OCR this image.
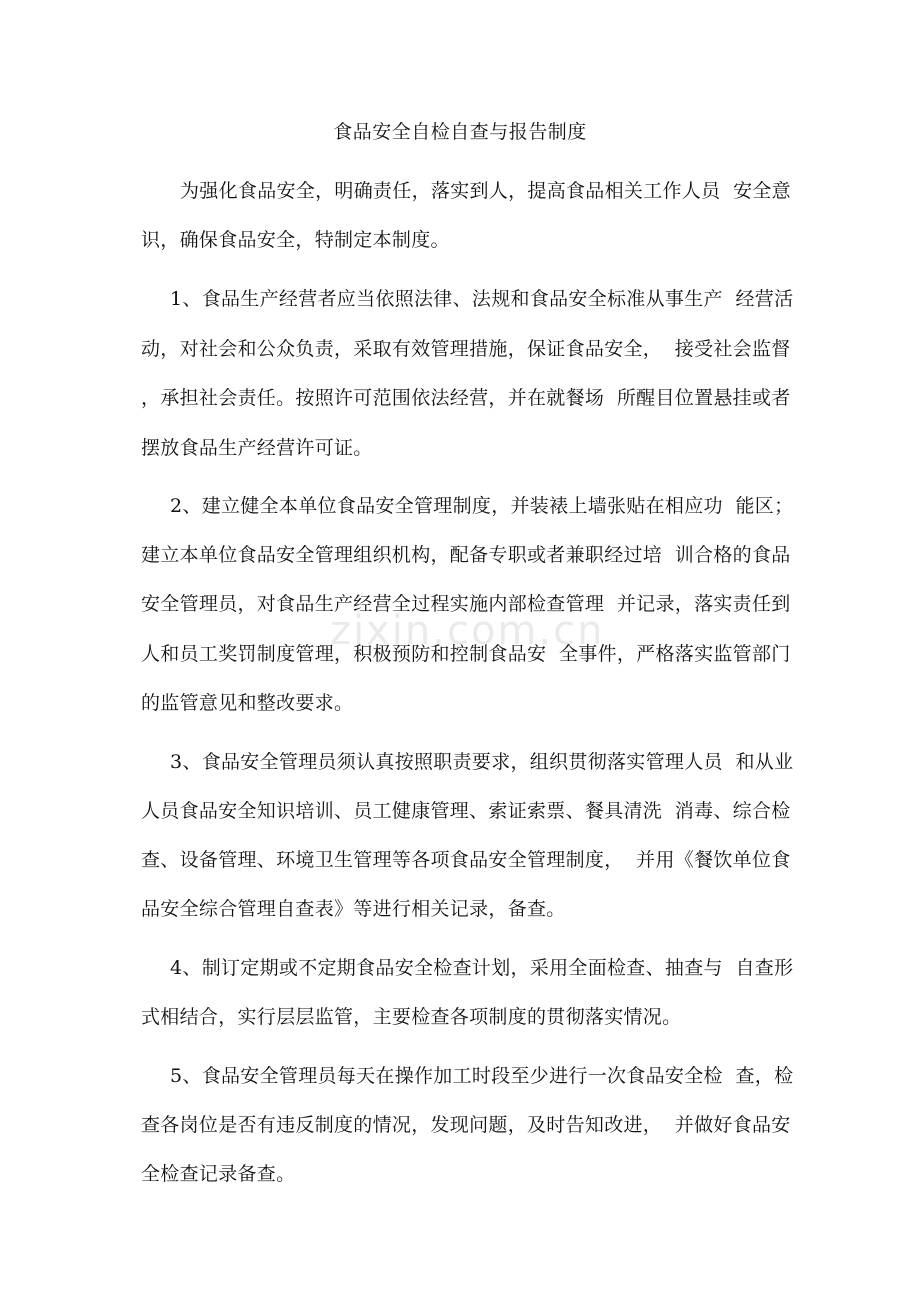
食品安全自检自查与报告制度
为强化食品安全，明确责任，落实到人，提高食品相关工作人员  安全意
识，确保食品安全，特制定本制度。
1、食品生产经营者应当依照法律、法规和食品安全标准从事生产  经营活
动，对社会和公众负责，采取有效管理措施，保证食品安全，  接受社会监督
，承担社会责任。按照许可范围依法经营，并在就餐场  所醒目位置悬挂或者
摆放食品生产经营许可证。
2、建立健全本单位食品安全管理制度，并装裱上墙张贴在相应功  能区；
建立本单位食品安全管理组织机构，配备专职或者兼职经过培  训合格的食品
安全管理员，对食品生产经营全过程实施内部检查管理  并记录，落实责任到
人和员工奖罚制度管理，积极预防和控制食品安  全事件，严格落实监管部门
的监管意见和整改要求。
3、食品安全管理员须认真按照职责要求，组织贯彻落实管理人员  和从业
人员食品安全知识培训、员工健康管理、索证索票、餐具清洗  消毒、综合检
查、设备管理、环境卫生管理等各项食品安全管理制度，  并用《餐饮单位食
品安全综合管理自查表》等进行相关记录，备查。
4、制订定期或不定期食品安全检查计划，采用全面检查、抽查与  自查形
式相结合，实行层层监管，主要检查各项制度的贯彻落实情况。
5、食品安全管理员每天在操作加工时段至少进行一次食品安全检  查，检
查各岗位是否有违反制度的情况，发现问题，及时告知改进，  并做好食品安
全检查记录备查。
zixin.com.cn
